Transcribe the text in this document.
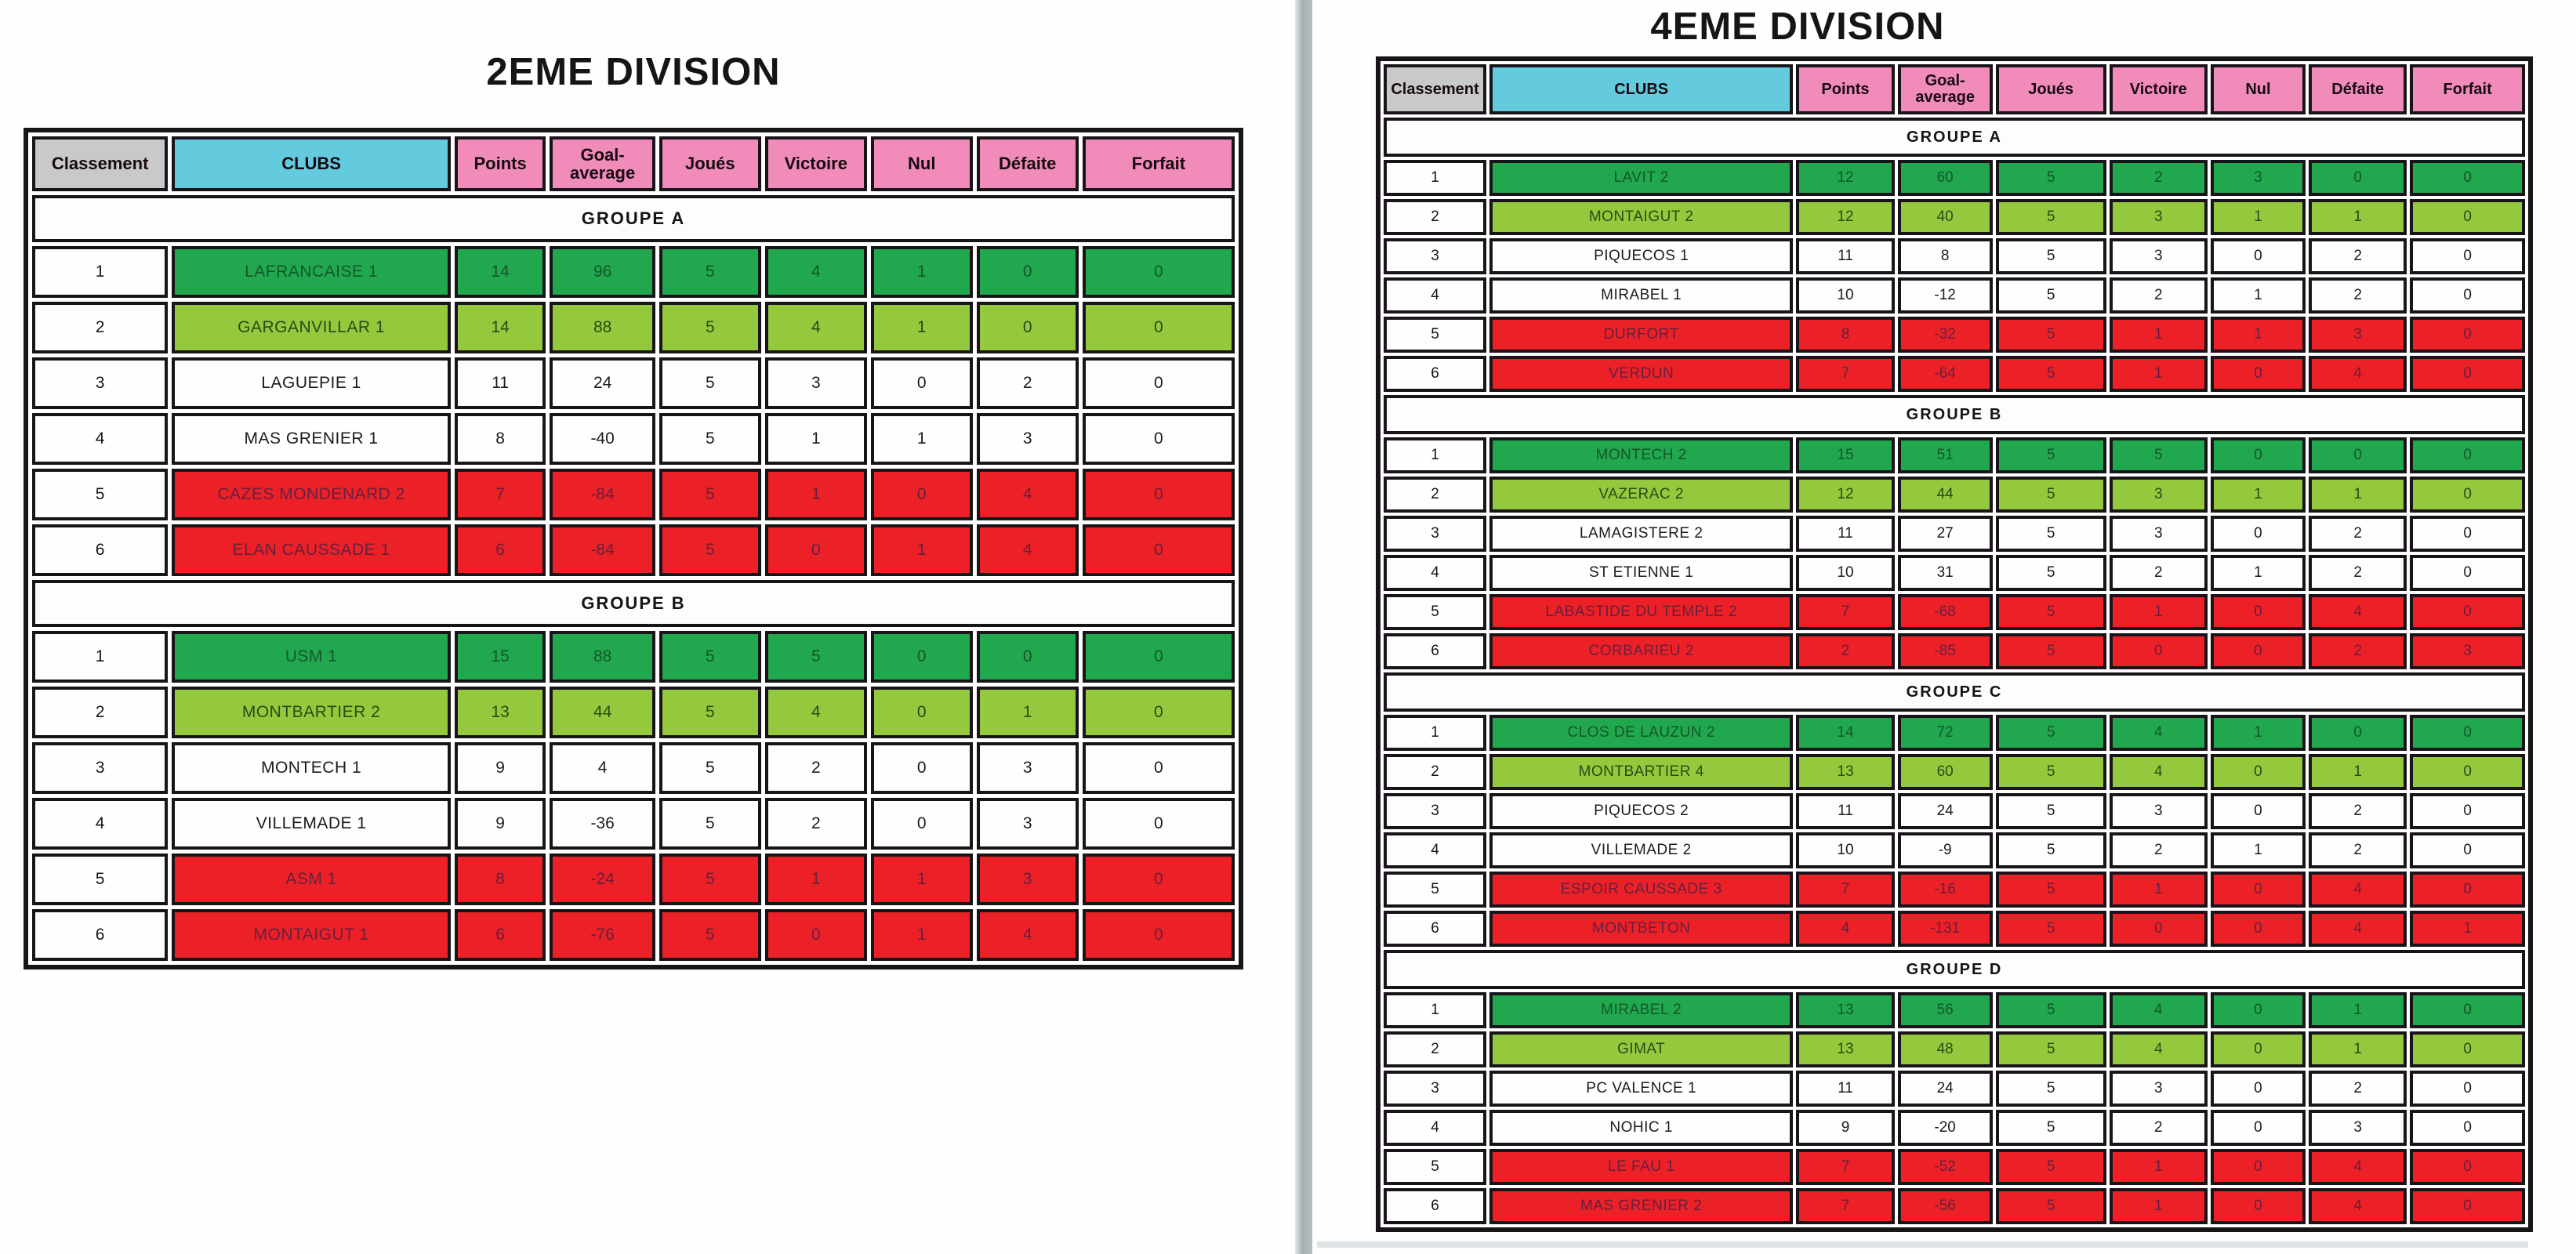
2EME DIVISION
Classement	CLUBS	Points	Goal-average	Joués	Victoire	Nul	Défaite	Forfait
GROUPE A								
1	LAFRANCAISE 1	14	96	5	4	1	0	0
2	GARGANVILLAR 1	14	88	5	4	1	0	0
3	LAGUEPIE 1	11	24	5	3	0	2	0
4	MAS GRENIER 1	8	-40	5	1	1	3	0
5	CAZES MONDENARD 2	7	-84	5	1	0	4	0
6	ELAN CAUSSADE 1	6	-84	5	0	1	4	0
GROUPE B								
1	USM 1	15	88	5	5	0	0	0
2	MONTBARTIER 2	13	44	5	4	0	1	0
3	MONTECH 1	9	4	5	2	0	3	0
4	VILLEMADE 1	9	-36	5	2	0	3	0
5	ASM 1	8	-24	5	1	1	3	0
6	MONTAIGUT 1	6	-76	5	0	1	4	0
4EME DIVISION
Classement	CLUBS	Points	Goal-average	Joués	Victoire	Nul	Défaite	Forfait
GROUPE A								
1	LAVIT 2	12	60	5	2	3	0	0
2	MONTAIGUT 2	12	40	5	3	1	1	0
3	PIQUECOS 1	11	8	5	3	0	2	0
4	MIRABEL 1	10	-12	5	2	1	2	0
5	DURFORT	8	-32	5	1	1	3	0
6	VERDUN	7	-64	5	1	0	4	0
GROUPE B								
1	MONTECH 2	15	51	5	5	0	0	0
2	VAZERAC 2	12	44	5	3	1	1	0
3	LAMAGISTERE 2	11	27	5	3	0	2	0
4	ST ETIENNE 1	10	31	5	2	1	2	0
5	LABASTIDE DU TEMPLE 2	7	-68	5	1	0	4	0
6	CORBARIEU 2	2	-85	5	0	0	2	3
GROUPE C								
1	CLOS DE LAUZUN 2	14	72	5	4	1	0	0
2	MONTBARTIER 4	13	60	5	4	0	1	0
3	PIQUECOS 2	11	24	5	3	0	2	0
4	VILLEMADE 2	10	-9	5	2	1	2	0
5	ESPOIR CAUSSADE 3	7	-16	5	1	0	4	0
6	MONTBETON	4	-131	5	0	0	4	1
GROUPE D								
1	MIRABEL 2	13	56	5	4	0	1	0
2	GIMAT	13	48	5	4	0	1	0
3	PC VALENCE 1	11	24	5	3	0	2	0
4	NOHIC 1	9	-20	5	2	0	3	0
5	LE FAU 1	7	-52	5	1	0	4	0
6	MAS GRENIER 2	7	-56	5	1	0	4	0
